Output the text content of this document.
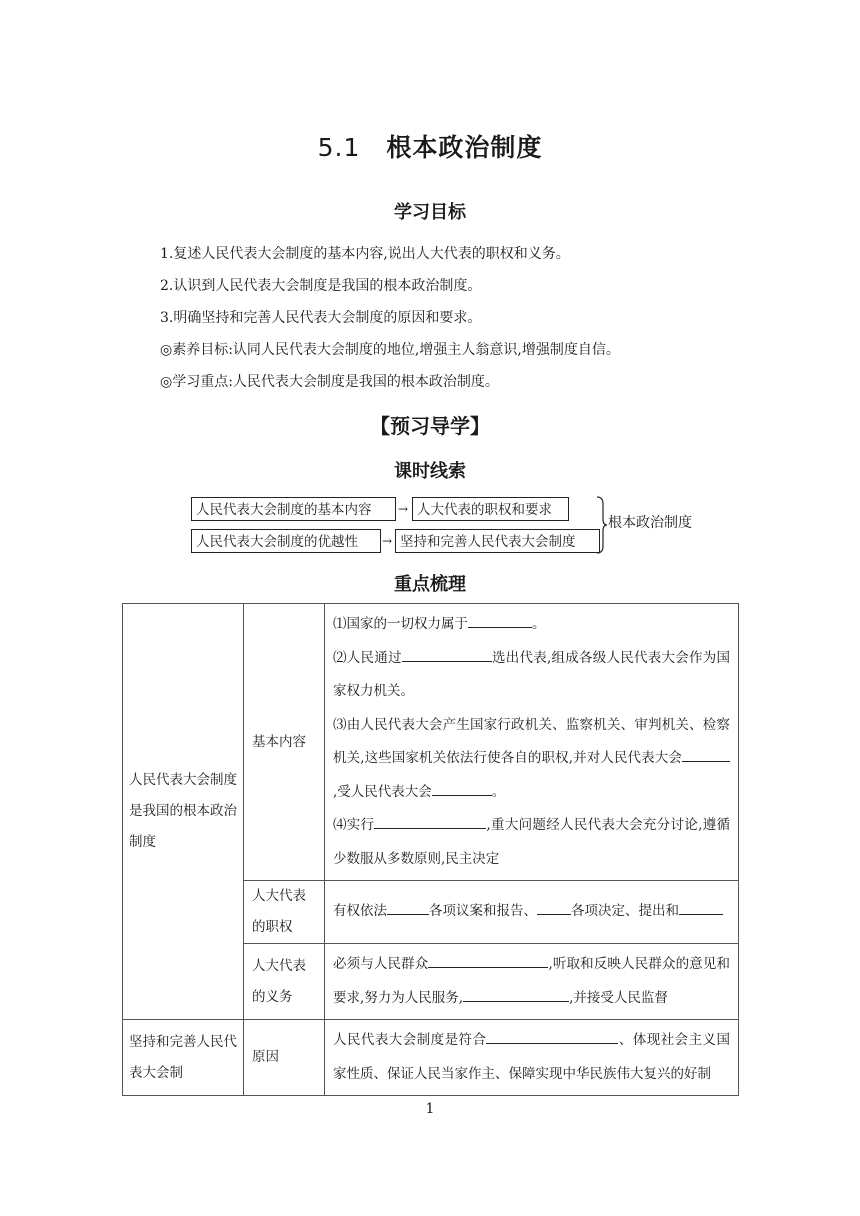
5.1 根本政治制度
学习目标
1.复述人民代表大会制度的基本内容,说出人大代表的职权和义务。
2.认识到人民代表大会制度是我国的根本政治制度。
3.明确坚持和完善人民代表大会制度的原因和要求。
◎素养目标:认同人民代表大会制度的地位,增强主人翁意识,增强制度自信。
◎学习重点:人民代表大会制度是我国的根本政治制度。
【预习导学】
课时线索
人民代表大会制度的基本内容	→ 人大代表的职权和要求
人民代表大会制度的优越性	→ 坚持和完善人民代表大会制度
根本政治制度
重点梳理
人民代表大会制度是我国的根本政治制度	基本内容	⑴国家的一切权力属于 。
⑵人民通过 选出代表,组成各级人民代表大会作为国家权力机关。
⑶由人民代表大会产生国家行政机关、监察机关、审判机关、检察机关,这些国家机关依法行使各自的职权,并对人民代表大会,受人民代表大会 。
⑷实行 ,重大问题经人民代表大会充分讨论,遵循少数服从多数原则,民主决定
	人大代表的职权	有权依法 各项议案和报告、 各项决定、提出和
	人大代表的义务	必须与人民群众 ,听取和反映人民群众的意见和要求,努力为人民服务, ,并接受人民监督
坚持和完善人民代表大会制	原因	人民代表大会制度是符合 、体现社会主义国家性质、保证人民当家作主、保障实现中华民族伟大复兴的好制
1
